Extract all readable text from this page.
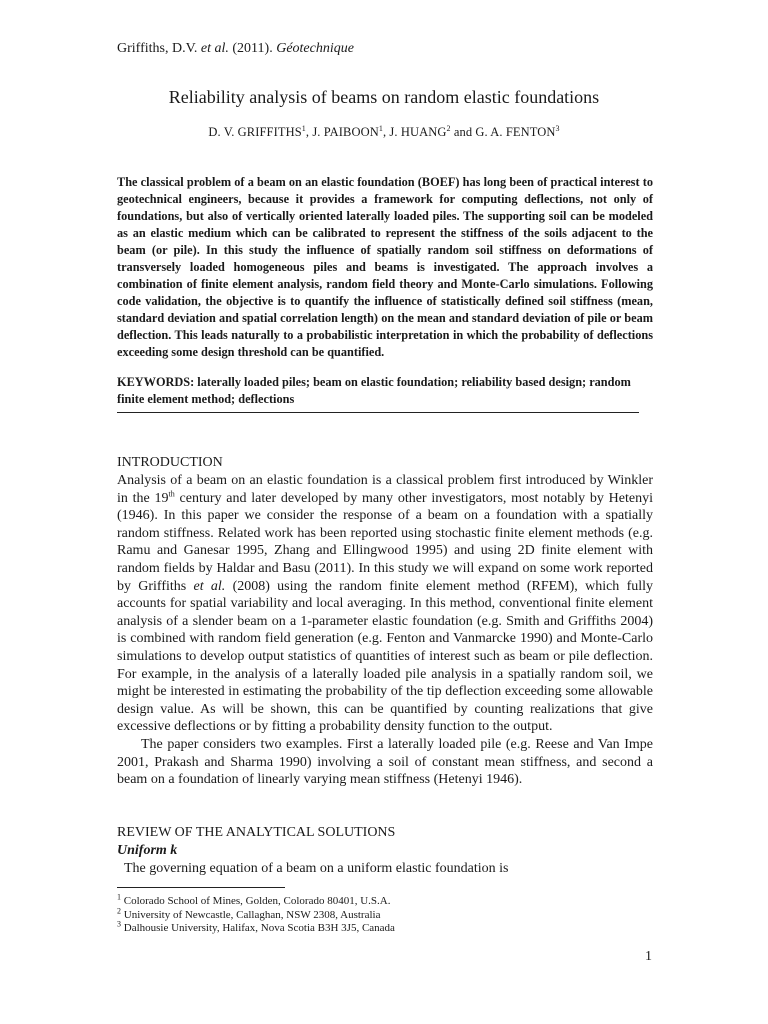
Griffiths, D.V. et al. (2011). Géotechnique
Reliability analysis of beams on random elastic foundations
D. V. GRIFFITHS$^1$, J. PAIBOON$^1$, J. HUANG$^2$ and G. A. FENTON$^3$
The classical problem of a beam on an elastic foundation (BOEF) has long been of practical interest to geotechnical engineers, because it provides a framework for computing deflections, not only of foundations, but also of vertically oriented laterally loaded piles. The supporting soil can be modeled as an elastic medium which can be calibrated to represent the stiffness of the soils adjacent to the beam (or pile). In this study the influence of spatially random soil stiffness on deformations of transversely loaded homogeneous piles and beams is investigated. The approach involves a combination of finite element analysis, random field theory and Monte-Carlo simulations. Following code validation, the objective is to quantify the influence of statistically defined soil stiffness (mean, standard deviation and spatial correlation length) on the mean and standard deviation of pile or beam deflection. This leads naturally to a probabilistic interpretation in which the probability of deflections exceeding some design threshold can be quantified.
KEYWORDS: laterally loaded piles; beam on elastic foundation; reliability based design; random finite element method; deflections
INTRODUCTION

Analysis of a beam on an elastic foundation is a classical problem first introduced by Winkler in the 19th century and later developed by many other investigators, most notably by Hetenyi (1946). In this paper we consider the response of a beam on a foundation with a spatially random stiffness. Related work has been reported using stochastic finite element methods (e.g. Ramu and Ganesar 1995, Zhang and Ellingwood 1995) and using 2D finite element with random fields by Haldar and Basu (2011). In this study we will expand on some work reported by Griffiths et al. (2008) using the random finite element method (RFEM), which fully accounts for spatial variability and local averaging. In this method, conventional finite element analysis of a slender beam on a 1-parameter elastic foundation (e.g. Smith and Griffiths 2004) is combined with random field generation (e.g. Fenton and Vanmarcke 1990) and Monte-Carlo simulations to develop output statistics of quantities of interest such as beam or pile deflection. For example, in the analysis of a laterally loaded pile analysis in a spatially random soil, we might be interested in estimating the probability of the tip deflection exceeding some allowable design value. As will be shown, this can be quantified by counting realizations that give excessive deflections or by fitting a probability density function to the output.

The paper considers two examples. First a laterally loaded pile (e.g. Reese and Van Impe 2001, Prakash and Sharma 1990) involving a soil of constant mean stiffness, and second a beam on a foundation of linearly varying mean stiffness (Hetenyi 1946).

REVIEW OF THE ANALYTICAL SOLUTIONS
Uniform k
The governing equation of a beam on a uniform elastic foundation is
$^1$ Colorado School of Mines, Golden, Colorado 80401, U.S.A.
$^2$ University of Newcastle, Callaghan, NSW 2308, Australia
$^3$ Dalhousie University, Halifax, Nova Scotia B3H 3J5, Canada
1
